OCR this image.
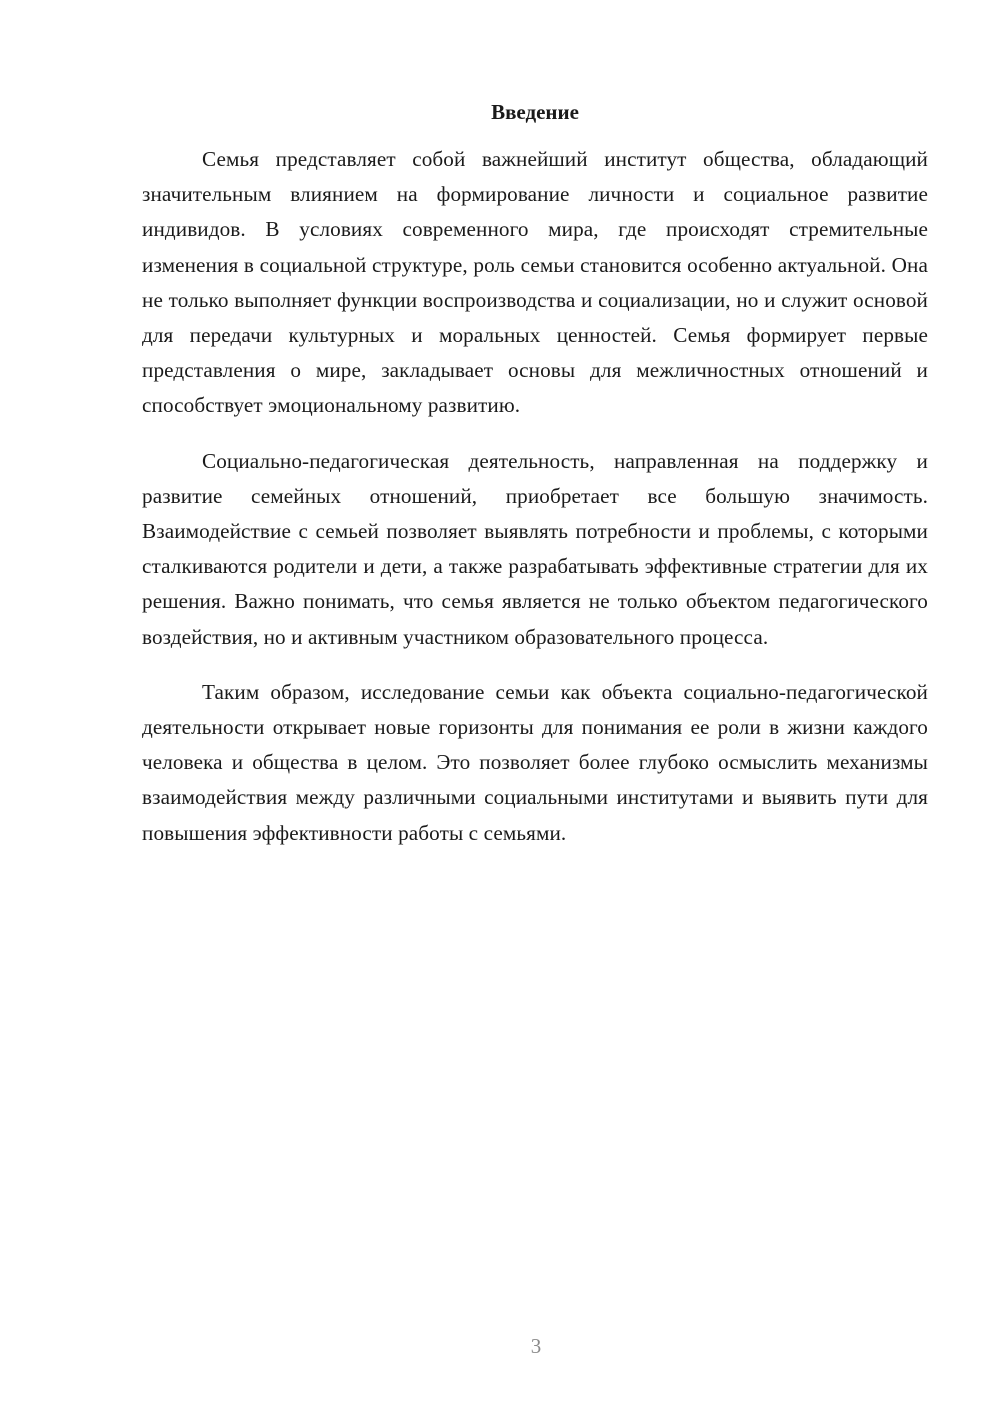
Введение

Семья представляет собой важнейший институт общества, обладающий значительным влиянием на формирование личности и социальное развитие индивидов. В условиях современного мира, где происходят стремительные изменения в социальной структуре, роль семьи становится особенно актуальной. Она не только выполняет функции воспроизводства и социализации, но и служит основой для передачи культурных и моральных ценностей. Семья формирует первые представления о мире, закладывает основы для межличностных отношений и способствует эмоциональному развитию.

Социально-педагогическая деятельность, направленная на поддержку и развитие семейных отношений, приобретает все большую значимость. Взаимодействие с семьей позволяет выявлять потребности и проблемы, с которыми сталкиваются родители и дети, а также разрабатывать эффективные стратегии для их решения. Важно понимать, что семья является не только объектом педагогического воздействия, но и активным участником образовательного процесса.

Таким образом, исследование семьи как объекта социально-педагогической деятельности открывает новые горизонты для понимания ее роли в жизни каждого человека и общества в целом. Это позволяет более глубоко осмыслить механизмы взаимодействия между различными социальными институтами и выявить пути для повышения эффективности работы с семьями.

3
